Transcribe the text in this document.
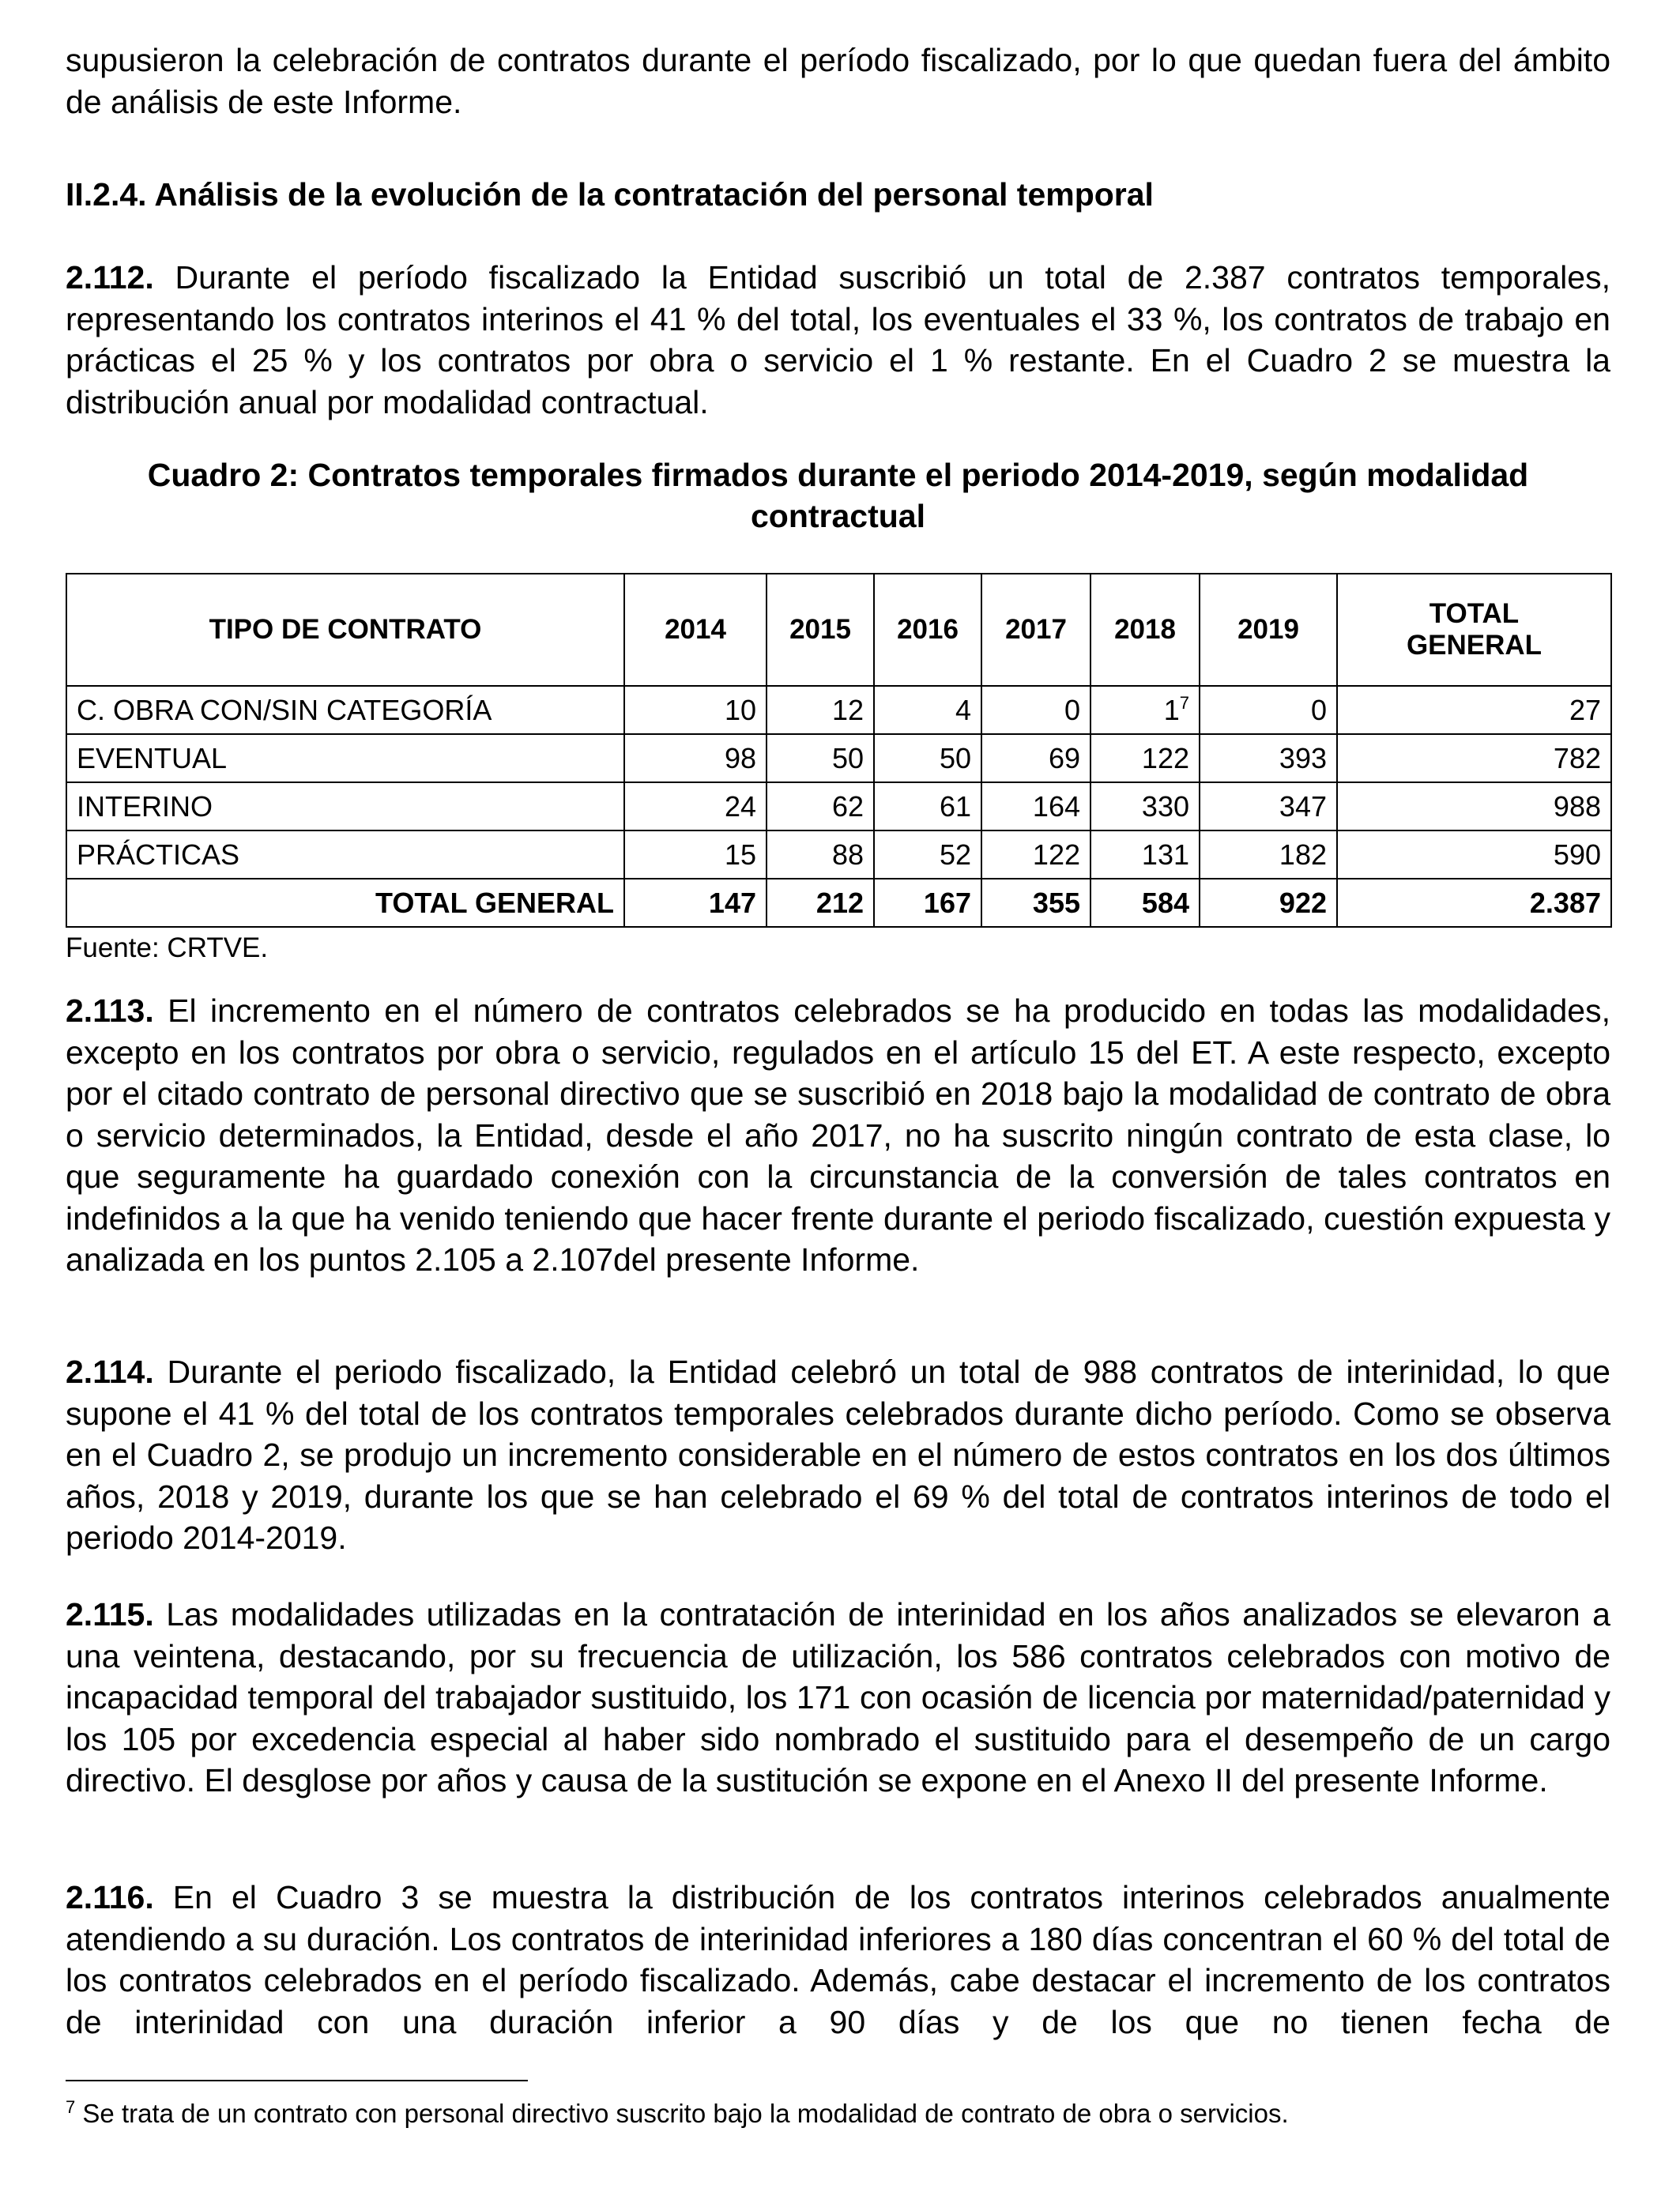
supusieron la celebración de contratos durante el período fiscalizado, por lo que quedan fuera del ámbito de análisis de este Informe.

II.2.4. Análisis de la evolución de la contratación del personal temporal

2.112. Durante el período fiscalizado la Entidad suscribió un total de 2.387 contratos temporales, representando los contratos interinos el 41 % del total, los eventuales el 33 %, los contratos de trabajo en prácticas el 25 % y los contratos por obra o servicio el 1 % restante. En el Cuadro 2 se muestra la distribución anual por modalidad contractual.

Cuadro 2: Contratos temporales firmados durante el periodo 2014-2019, según modalidad contractual

TIPO DE CONTRATO	2014	2015	2016	2017	2018	2019	TOTAL
GENERAL
C. OBRA CON/SIN CATEGORÍA	10	12	4	0	$1^7$	0	27
EVENTUAL	98	50	50	69	122	393	782
INTERINO	24	62	61	164	330	347	988
PRÁCTICAS	15	88	52	122	131	182	590
TOTAL GENERAL	147	212	167	355	584	922	2.387

Fuente: CRTVE.

2.113. El incremento en el número de contratos celebrados se ha producido en todas las modalidades, excepto en los contratos por obra o servicio, regulados en el artículo 15 del ET. A este respecto, excepto por el citado contrato de personal directivo que se suscribió en 2018 bajo la modalidad de contrato de obra o servicio determinados, la Entidad, desde el año 2017, no ha suscrito ningún contrato de esta clase, lo que seguramente ha guardado conexión con la circunstancia de la conversión de tales contratos en indefinidos a la que ha venido teniendo que hacer frente durante el periodo fiscalizado, cuestión expuesta y analizada en los puntos 2.105 a 2.107del presente Informe.

2.114. Durante el periodo fiscalizado, la Entidad celebró un total de 988 contratos de interinidad, lo que supone el 41 % del total de los contratos temporales celebrados durante dicho período. Como se observa en el Cuadro 2, se produjo un incremento considerable en el número de estos contratos en los dos últimos años, 2018 y 2019, durante los que se han celebrado el 69 % del total de contratos interinos de todo el periodo 2014-2019.

2.115. Las modalidades utilizadas en la contratación de interinidad en los años analizados se elevaron a una veintena, destacando, por su frecuencia de utilización, los 586 contratos celebrados con motivo de incapacidad temporal del trabajador sustituido, los 171 con ocasión de licencia por maternidad/paternidad y los 105 por excedencia especial al haber sido nombrado el sustituido para el desempeño de un cargo directivo. El desglose por años y causa de la sustitución se expone en el Anexo II del presente Informe.

2.116. En el Cuadro 3 se muestra la distribución de los contratos interinos celebrados anualmente atendiendo a su duración. Los contratos de interinidad inferiores a 180 días concentran el 60 % del total de los contratos celebrados en el período fiscalizado. Además, cabe destacar el incremento de los contratos de interinidad con una duración inferior a 90 días y de los que no tienen fecha de

$^7$ Se trata de un contrato con personal directivo suscrito bajo la modalidad de contrato de obra o servicios.
